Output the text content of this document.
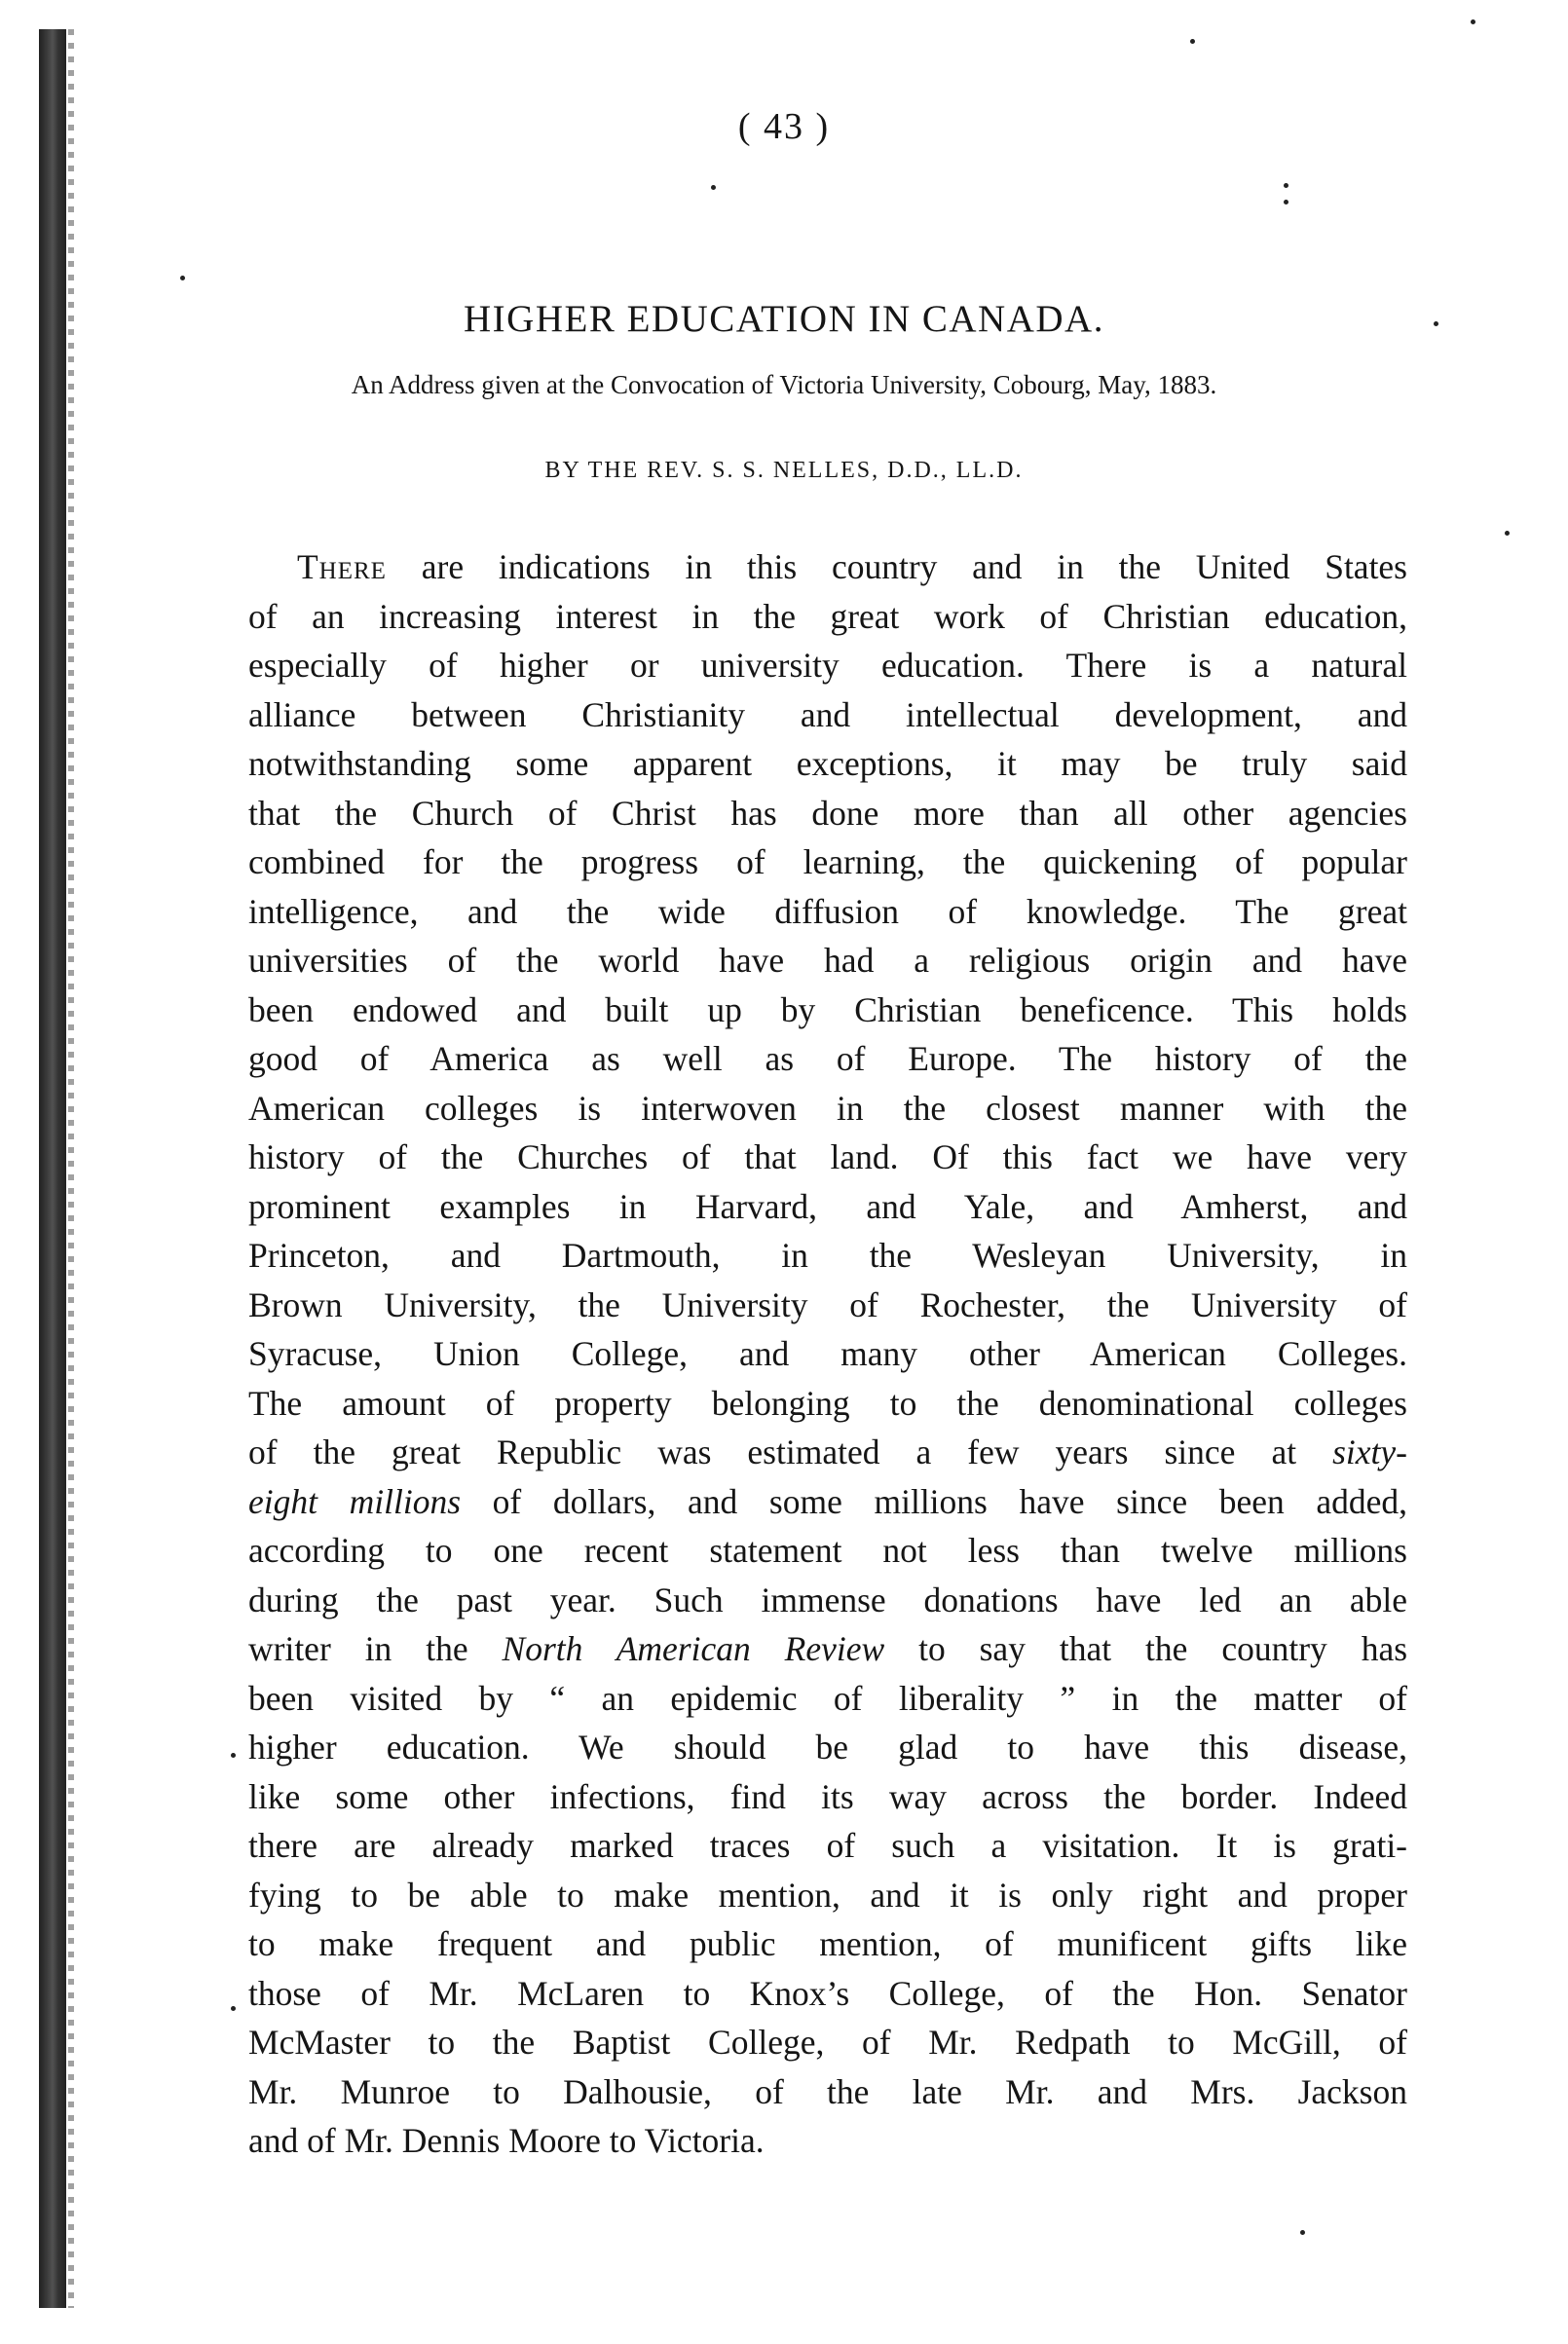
( 43 )
HIGHER EDUCATION IN CANADA.
An Address given at the Convocation of Victoria University, Cobourg, May, 1883.
BY THE REV. S. S. NELLES, D.D., LL.D.
There are indications in this country and in the United States
of an increasing interest in the great work of Christian education,
especially of higher or university education. There is a natural
alliance between Christianity and intellectual development, and
notwithstanding some apparent exceptions, it may be truly said
that the Church of Christ has done more than all other agencies
combined for the progress of learning, the quickening of popular
intelligence, and the wide diffusion of knowledge. The great
universities of the world have had a religious origin and have
been endowed and built up by Christian beneficence. This holds
good of America as well as of Europe. The history of the
American colleges is interwoven in the closest manner with the
history of the Churches of that land. Of this fact we have very
prominent examples in Harvard, and Yale, and Amherst, and
Princeton, and Dartmouth, in the Wesleyan University, in
Brown University, the University of Rochester, the University of
Syracuse, Union College, and many other American Colleges.
The amount of property belonging to the denominational colleges
of the great Republic was estimated a few years since at sixty-
eight millions of dollars, and some millions have since been added,
according to one recent statement not less than twelve millions
during the past year. Such immense donations have led an able
writer in the North American Review to say that the country has
been visited by “ an epidemic of liberality ” in the matter of
higher education. We should be glad to have this disease,
like some other infections, find its way across the border. Indeed
there are already marked traces of such a visitation. It is grati-
fying to be able to make mention, and it is only right and proper
to make frequent and public mention, of munificent gifts like
those of Mr. McLaren to Knox’s College, of the Hon. Senator
McMaster to the Baptist College, of Mr. Redpath to McGill, of
Mr. Munroe to Dalhousie, of the late Mr. and Mrs. Jackson
and of Mr. Dennis Moore to Victoria.
